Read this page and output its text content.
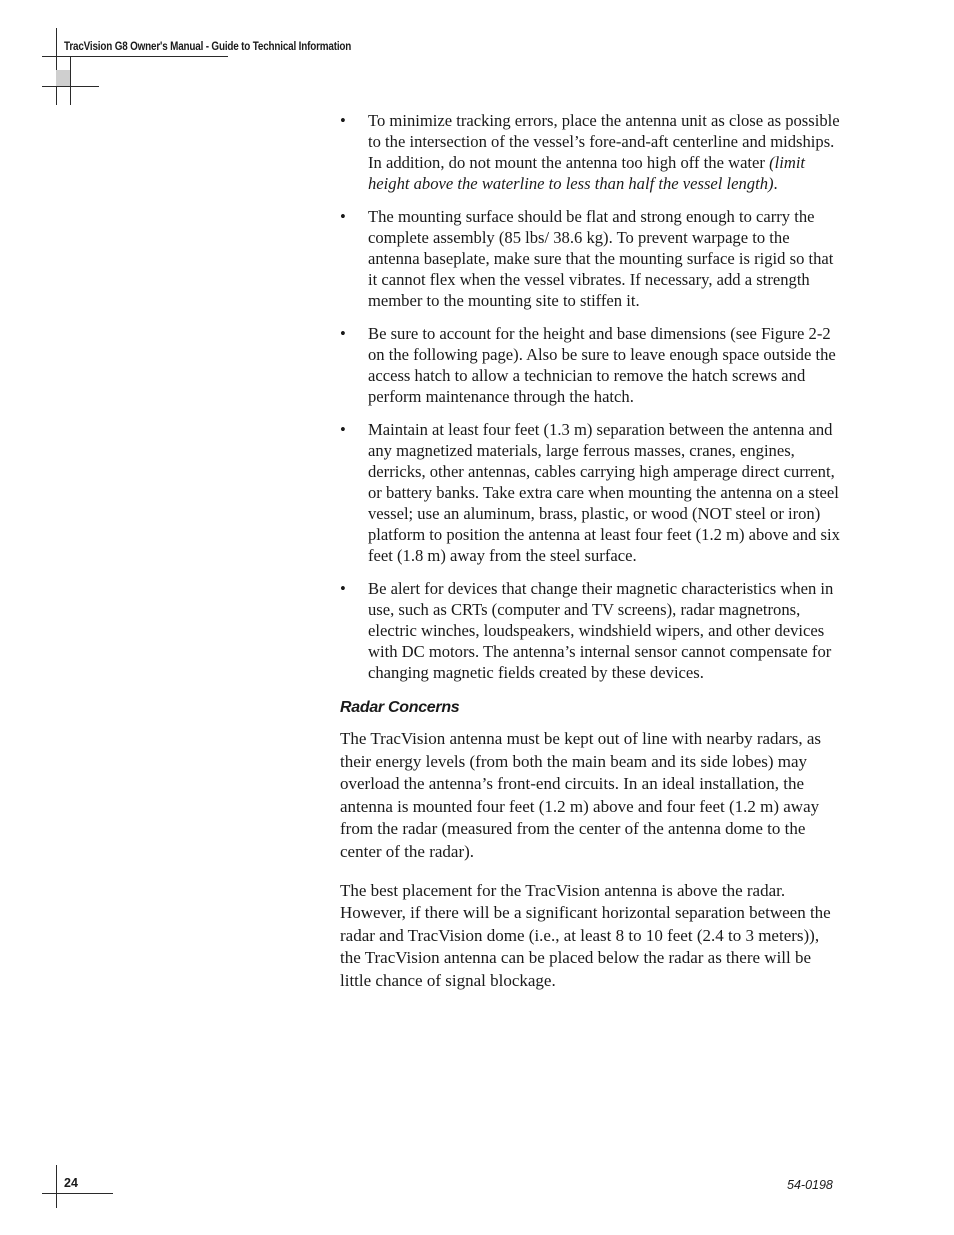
TracVision G8 Owner's Manual - Guide to Technical Information
• To minimize tracking errors, place the antenna unit as close as possible to the intersection of the vessel’s fore-and-aft centerline and midships. In addition, do not mount the antenna too high off the water (limit height above the waterline to less than half the vessel length).
• The mounting surface should be flat and strong enough to carry the complete assembly (85 lbs/ 38.6 kg). To prevent warpage to the antenna baseplate, make sure that the mounting surface is rigid so that it cannot flex when the vessel vibrates. If necessary, add a strength member to the mounting site to stiffen it.
• Be sure to account for the height and base dimensions (see Figure 2-2 on the following page). Also be sure to leave enough space outside the access hatch to allow a technician to remove the hatch screws and perform maintenance through the hatch.
• Maintain at least four feet (1.3 m) separation between the antenna and any magnetized materials, large ferrous masses, cranes, engines, derricks, other antennas, cables carrying high amperage direct current, or battery banks. Take extra care when mounting the antenna on a steel vessel; use an aluminum, brass, plastic, or wood (NOT steel or iron) platform to position the antenna at least four feet (1.2 m) above and six feet (1.8 m) away from the steel surface.
• Be alert for devices that change their magnetic characteristics when in use, such as CRTs (computer and TV screens), radar magnetrons, electric winches, loudspeakers, windshield wipers, and other devices with DC motors. The antenna’s internal sensor cannot compensate for changing magnetic fields created by these devices.
Radar Concerns

The TracVision antenna must be kept out of line with nearby radars, as their energy levels (from both the main beam and its side lobes) may overload the antenna’s front-end circuits. In an ideal installation, the antenna is mounted four feet (1.2 m) above and four feet (1.2 m) away from the radar (measured from the center of the antenna dome to the center of the radar).

The best placement for the TracVision antenna is above the radar. However, if there will be a significant horizontal separation between the radar and TracVision dome (i.e., at least 8 to 10 feet (2.4 to 3 meters)), the TracVision antenna can be placed below the radar as there will be little chance of signal blockage.

24	54-0198
